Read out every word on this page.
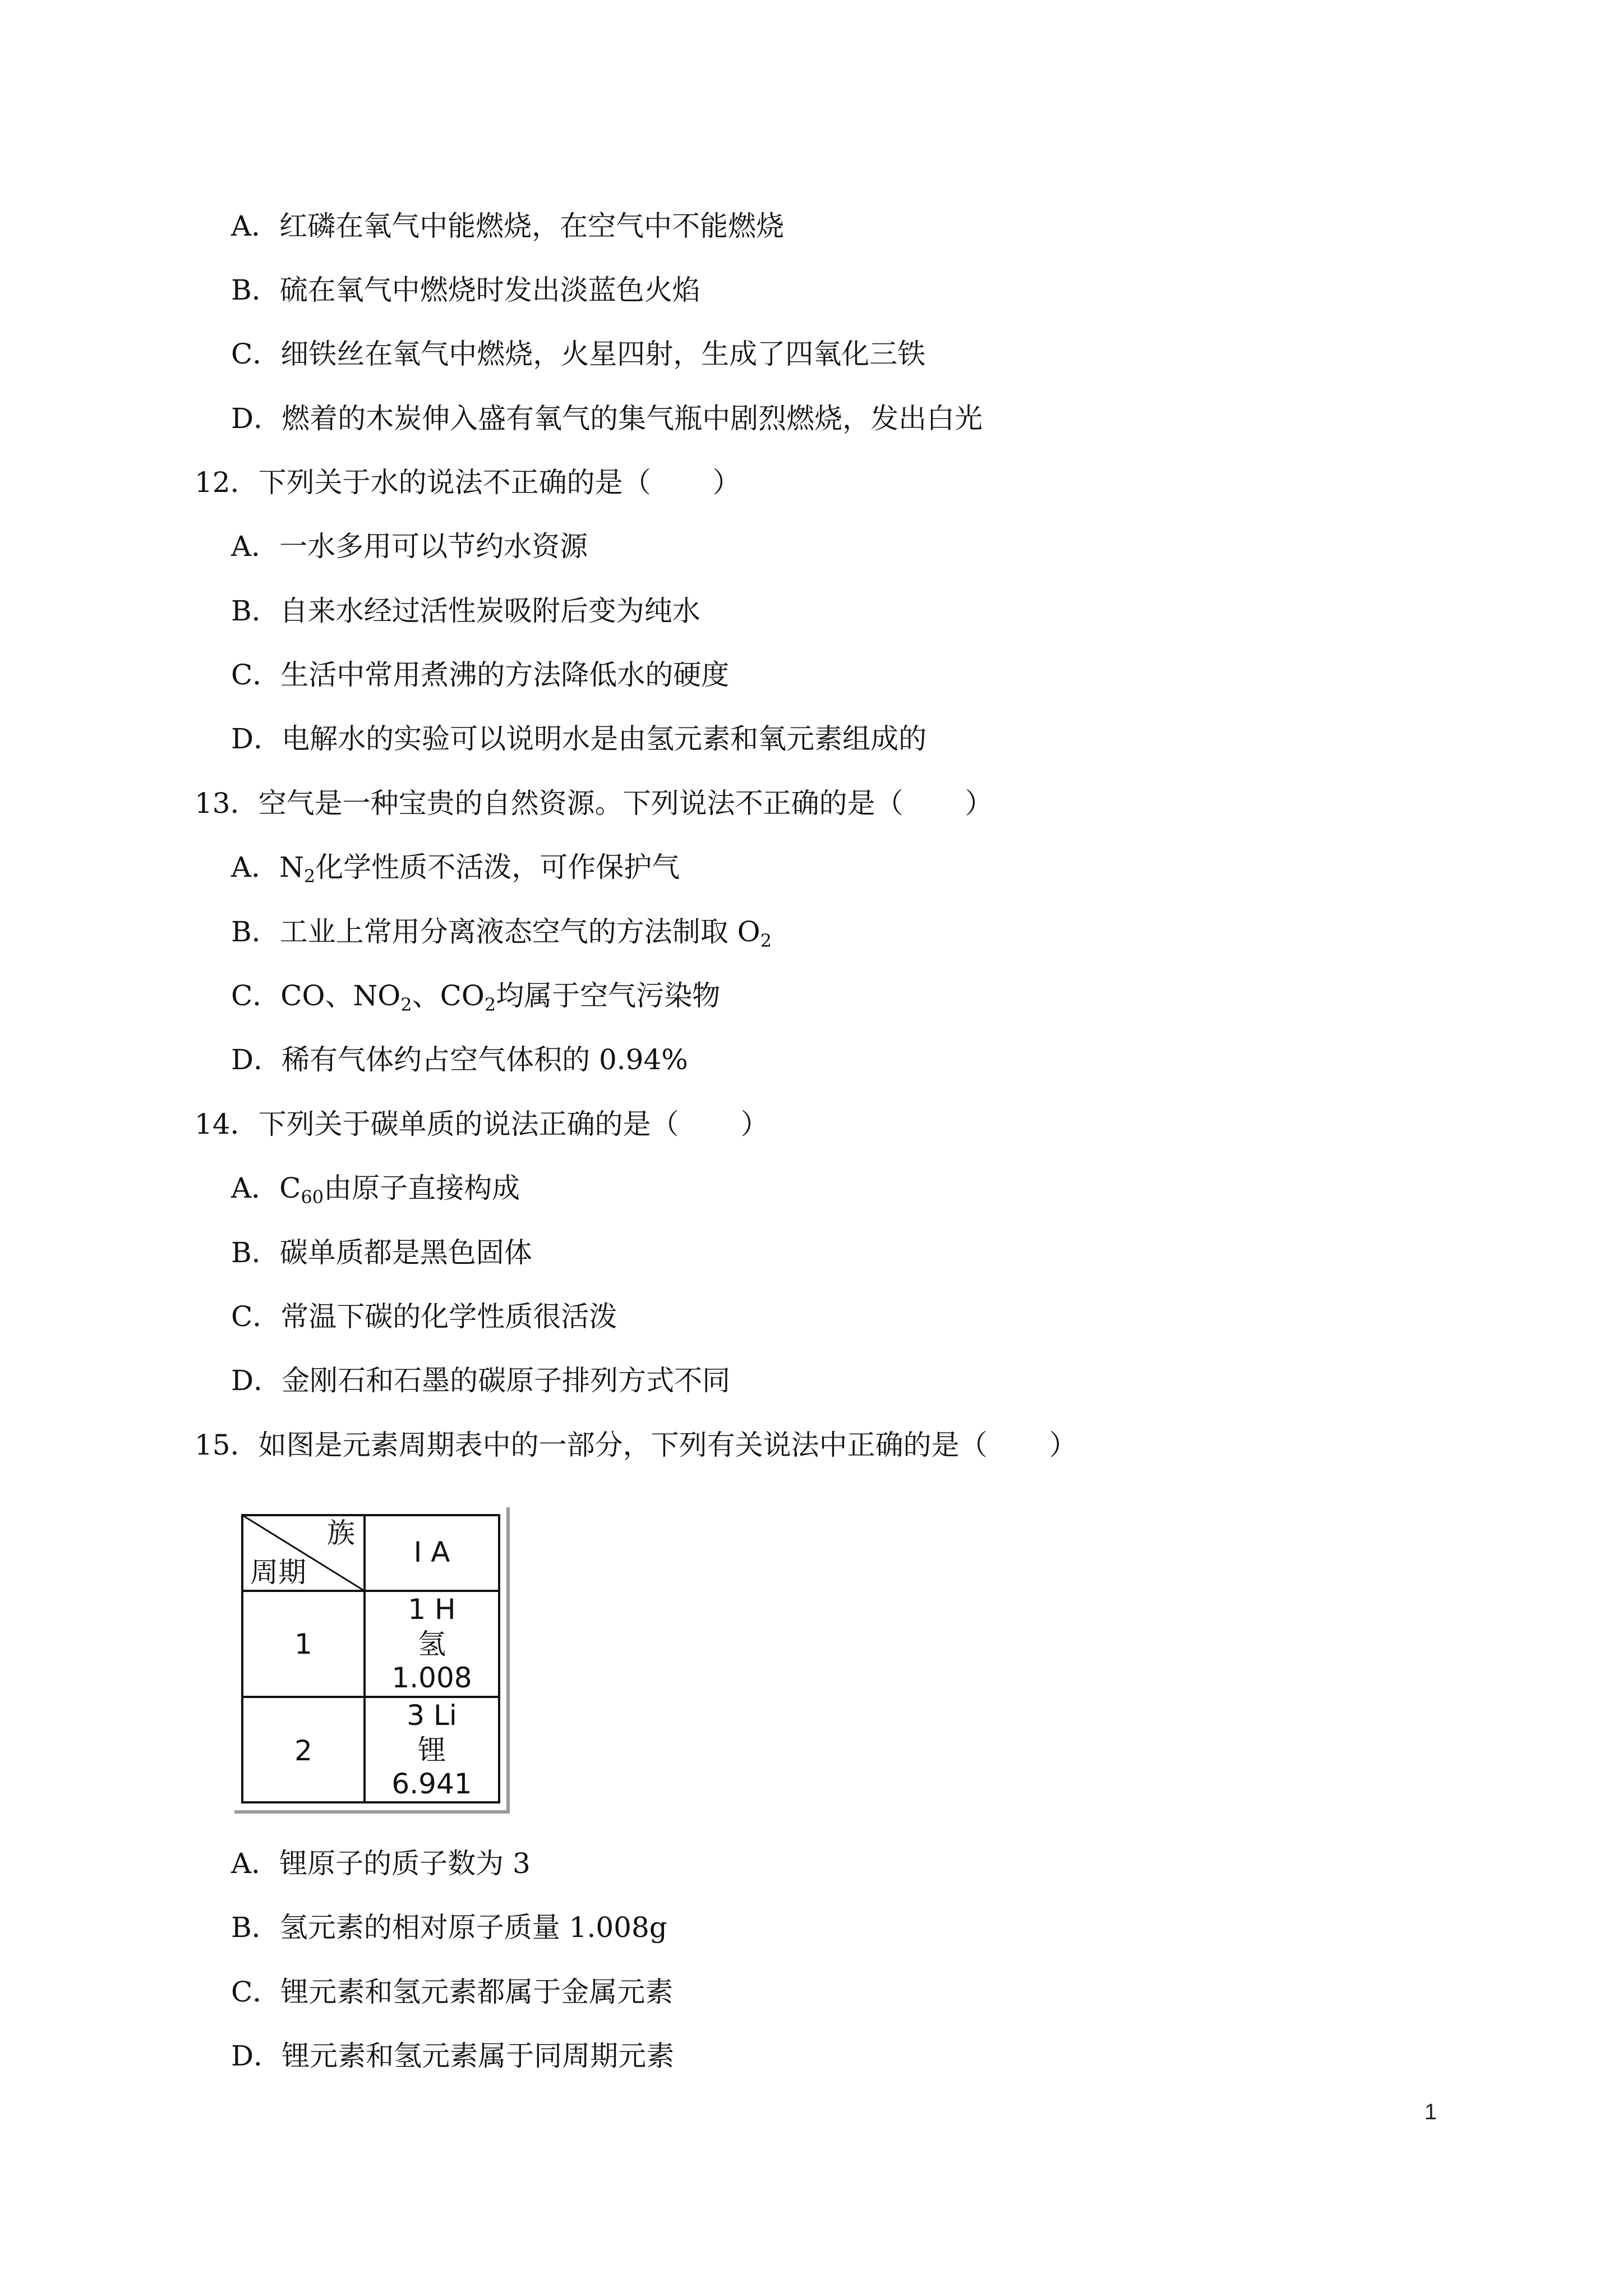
A．红磷在氧气中能燃烧，在空气中不能燃烧
B．硫在氧气中燃烧时发出淡蓝色火焰
C．细铁丝在氧气中燃烧，火星四射，生成了四氧化三铁
D．燃着的木炭伸入盛有氧气的集气瓶中剧烈燃烧，发出白光
12．下列关于水的说法不正确的是（ ）
A．一水多用可以节约水资源
B．自来水经过活性炭吸附后变为纯水
C．生活中常用煮沸的方法降低水的硬度
D．电解水的实验可以说明水是由氢元素和氧元素组成的
13．空气是一种宝贵的自然资源。下列说法不正确的是（ ）
A．$N_2$化学性质不活泼，可作保护气
B．工业上常用分离液态空气的方法制取 $O_2$
C．CO、$NO_2$、$CO_2$均属于空气污染物
D．稀有气体约占空气体积的 0.94%
14．下列关于碳单质的说法正确的是（ ）
A．$C_{60}$由原子直接构成
B．碳单质都是黑色固体
C．常温下碳的化学性质很活泼
D．金刚石和石墨的碳原子排列方式不同
15．如图是元素周期表中的一部分，下列有关说法中正确的是（ ）
族
周期
I A
1
1 H
氢
1.008
2
3 Li
锂
6.941
A．锂原子的质子数为 3
B．氢元素的相对原子质量 1.008g
C．锂元素和氢元素都属于金属元素
D．锂元素和氢元素属于同周期元素
1
